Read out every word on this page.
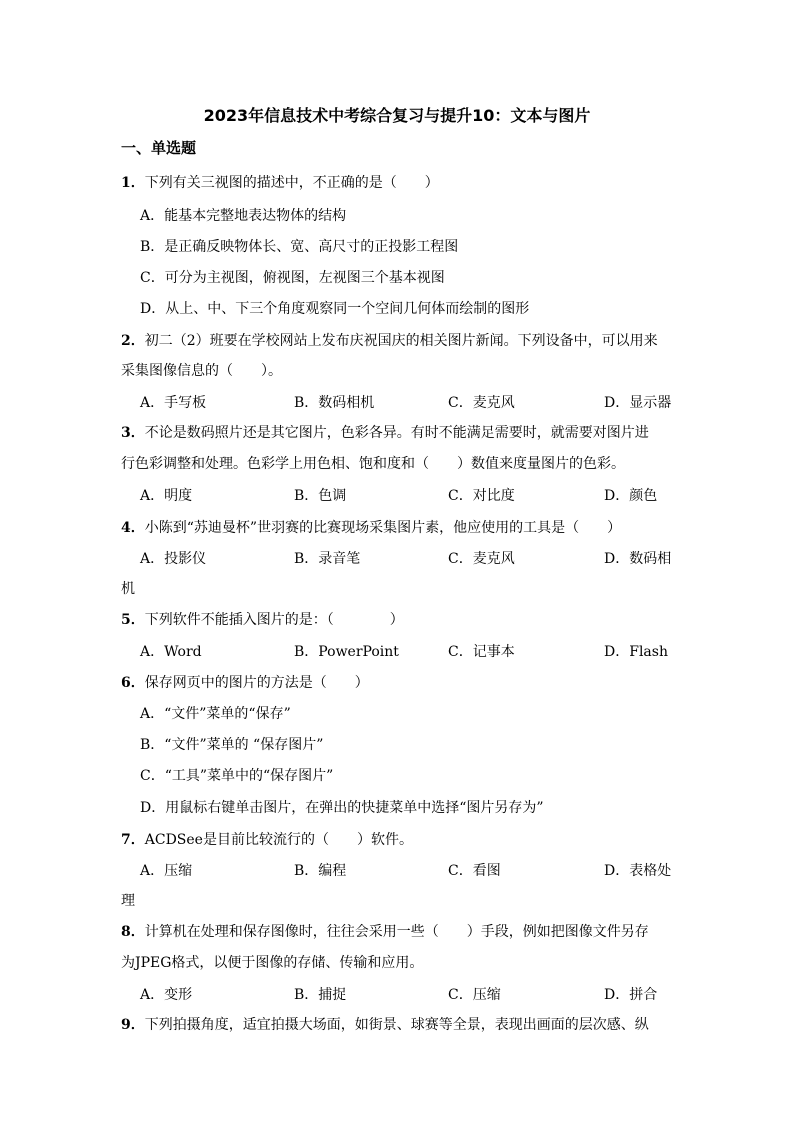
2023年信息技术中考综合复习与提升10：文本与图片
一、单选题
1．下列有关三视图的描述中，不正确的是（　　）
A．能基本完整地表达物体的结构
B．是正确反映物体长、宽、高尺寸的正投影工程图
C．可分为主视图，俯视图，左视图三个基本视图
D．从上、中、下三个角度观察同一个空间几何体而绘制的图形
2．初二（2）班要在学校网站上发布庆祝国庆的相关图片新闻。下列设备中，可以用来
采集图像信息的（　　）。
A．手写板	B．数码相机	C．麦克风	D．显示器
3．不论是数码照片还是其它图片，色彩各异。有时不能满足需要时，就需要对图片进
行色彩调整和处理。色彩学上用色相、饱和度和（　　）数值来度量图片的色彩。
A．明度	B．色调	C．对比度	D．颜色
4．小陈到“苏迪曼杯”世羽赛的比赛现场采集图片素，他应使用的工具是（　　）
A．投影仪	B．录音笔	C．麦克风	D．数码相
机
5．下列软件不能插入图片的是：（　　　　）
A．Word	B．PowerPoint	C．记事本	D．Flash
6．保存网页中的图片的方法是（　　）
A．“文件”菜单的“保存”
B．“文件”菜单的 “保存图片”
C．“工具”菜单中的“保存图片”
D．用鼠标右键单击图片，在弹出的快捷菜单中选择“图片另存为”
7．ACDSee是目前比较流行的（　　）软件。
A．压缩	B．编程	C．看图	D．表格处
理
8．计算机在处理和保存图像时，往往会采用一些（　　）手段，例如把图像文件另存
为JPEG格式，以便于图像的存储、传输和应用。
A．变形	B．捕捉	C．压缩	D．拼合
9．下列拍摄角度，适宜拍摄大场面，如街景、球赛等全景，表现出画面的层次感、纵
